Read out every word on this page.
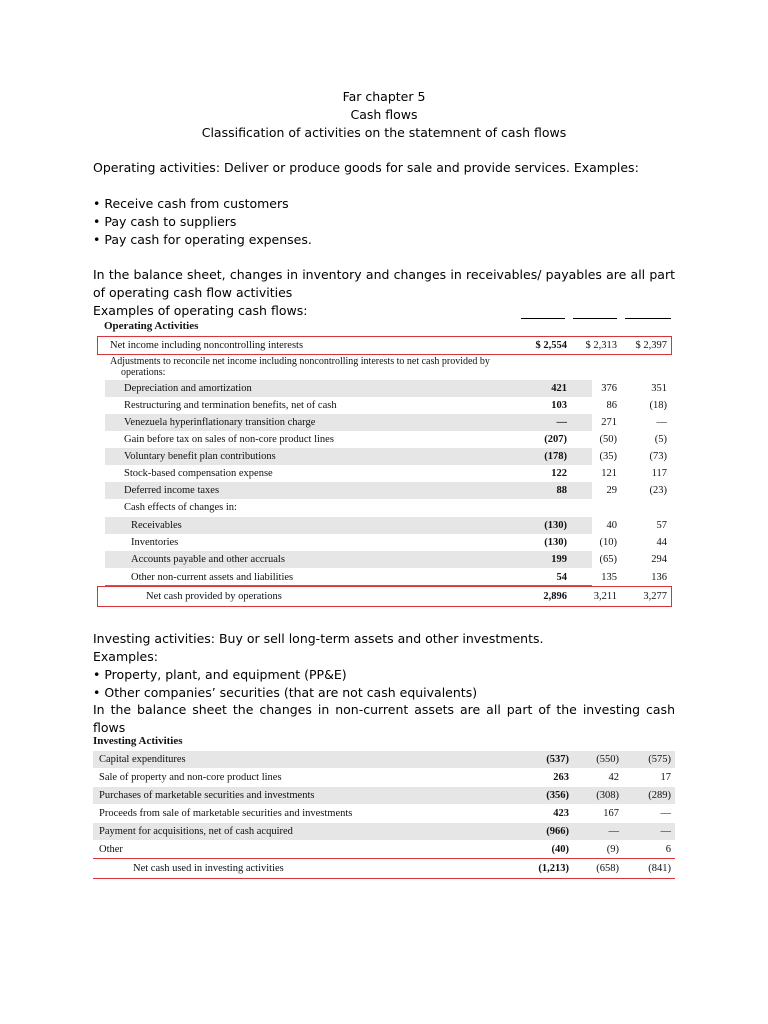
Far chapter 5
Cash flows
Classification of activities on the statemnent of cash flows
Operating activities: Deliver or produce goods for sale and provide services. Examples:
• Receive cash from customers
• Pay cash to suppliers
• Pay cash for operating expenses.
In the balance sheet, changes in inventory and changes in receivables/ payables are all part of operating cash flow activities
Examples of operating cash flows:
Operating Activities
Net income including noncontrolling interests	$ 2,554	$ 2,313	$ 2,397
Adjustments to reconcile net income including noncontrolling interests to net cash provided by
operations:
Depreciation and amortization	421	376	351
Restructuring and termination benefits, net of cash	103	86	(18)
Venezuela hyperinflationary transition charge	—	271	—
Gain before tax on sales of non-core product lines	(207)	(50)	(5)
Voluntary benefit plan contributions	(178)	(35)	(73)
Stock-based compensation expense	122	121	117
Deferred income taxes	88	29	(23)
Cash effects of changes in:
Receivables	(130)	40	57
Inventories	(130)	(10)	44
Accounts payable and other accruals	199	(65)	294
Other non-current assets and liabilities	54	135	136
Net cash provided by operations	2,896	3,211	3,277
Investing activities: Buy or sell long-term assets and other investments.
Examples:
• Property, plant, and equipment (PP&E)
• Other companies’ securities (that are not cash equivalents)
In the balance sheet the changes in non-current assets are all part of the investing cash flows
Investing Activities
Capital expenditures	(537)	(550)	(575)
Sale of property and non-core product lines	263	42	17
Purchases of marketable securities and investments	(356)	(308)	(289)
Proceeds from sale of marketable securities and investments	423	167	—
Payment for acquisitions, net of cash acquired	(966)	—	—
Other	(40)	(9)	6
Net cash used in investing activities	(1,213)	(658)	(841)
